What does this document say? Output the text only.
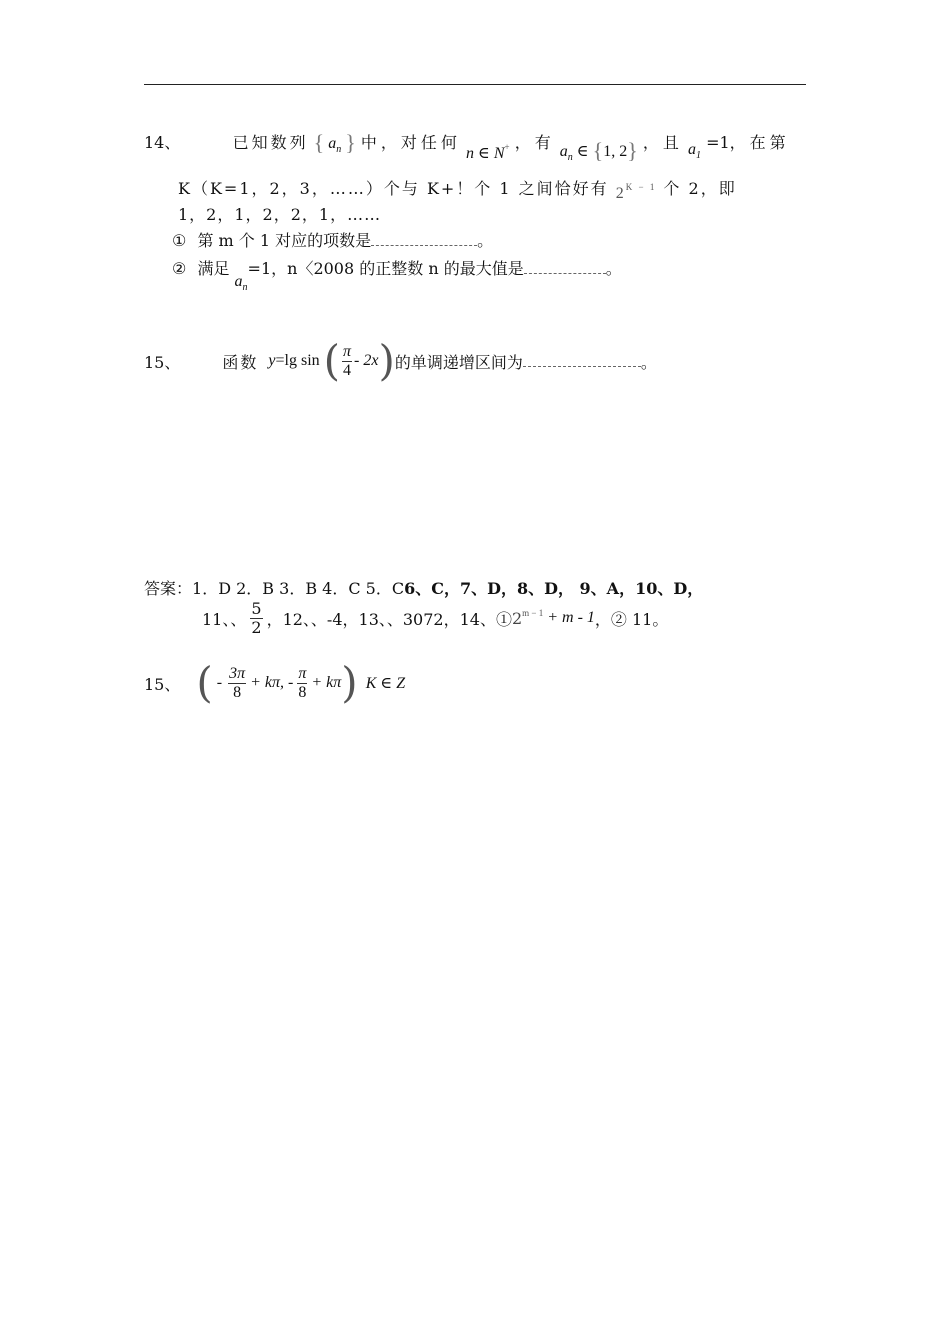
14、	已知数列 { $a_n$ } 中，对任何 n ∈ N+ ，有 $a_n$ ∈ {1, 2} ，且 $a_1 =1$，在第
K（K=1，2，3，……）个与 K+！个 1 之间恰好有 $2^{K - 1}$ 个 2，即
1，2，1，2，2，1，……
① 第 m 个 1 对应的项数是	。
② 满足 $a_n=1$，n〈2008 的正整数 n 的最大值是	。
15、	函数 y =lg sin ( $\frac{\pi}{4} - 2x$ ) 的单调递增区间为	。
答案：1．D 2．B 3．B 4．C 5．C6、C，7、D，8、D， 9、A，10、D，
11、、 $\frac{5}{2}$ ，12、、-4，13、、3072，14、① $2^{m - 1} + m - 1$ ，② 11。
15、 ( - $\frac{3\pi}{8} + k\pi$, - $\frac{\pi}{8} + k\pi$ ) K ∈ Z
